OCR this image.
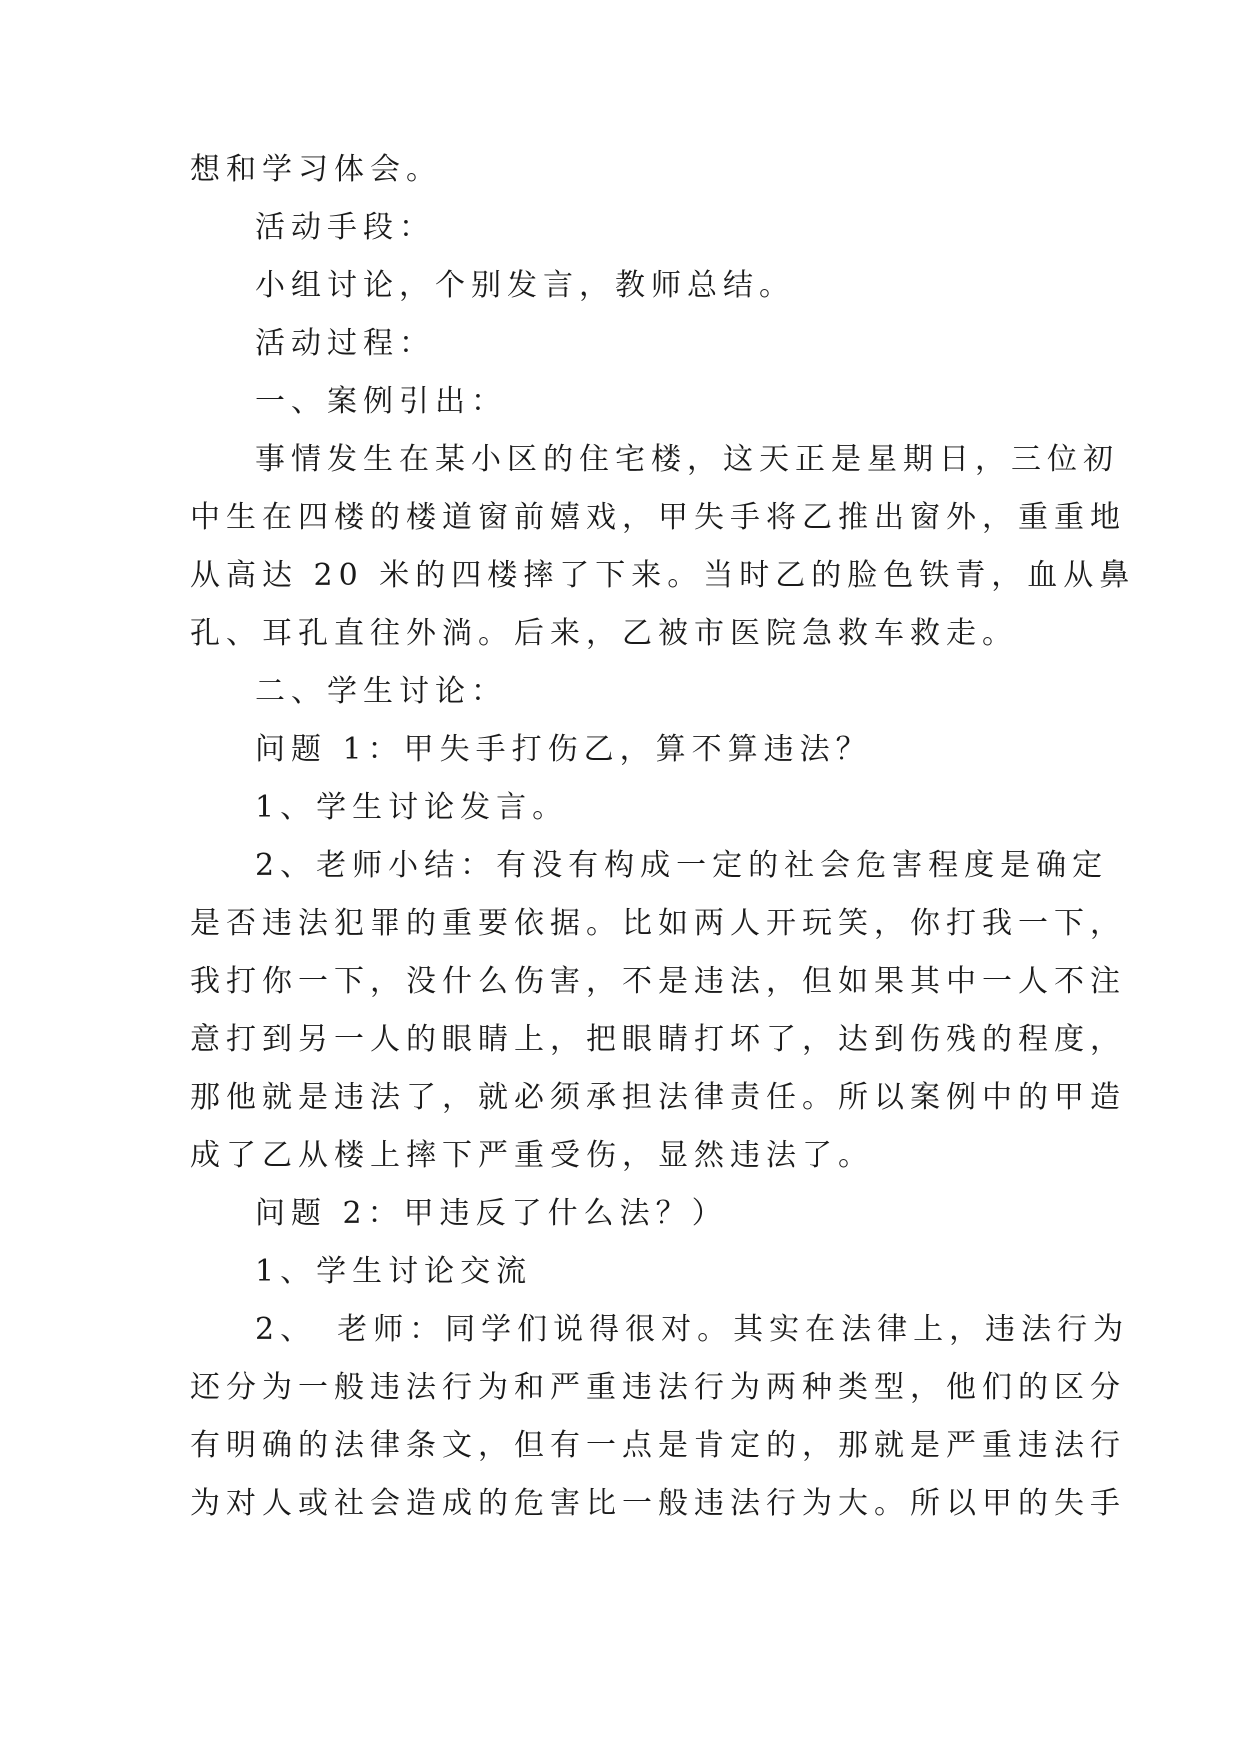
想和学习体会。
活动手段：
小组讨论，个别发言，教师总结。
活动过程：
一、案例引出：
事情发生在某小区的住宅楼，这天正是星期日，三位初
中生在四楼的楼道窗前嬉戏，甲失手将乙推出窗外，重重地
从高达 20 米的四楼摔了下来。当时乙的脸色铁青，血从鼻
孔、耳孔直往外淌。后来，乙被市医院急救车救走。
二、学生讨论：
问题 1：甲失手打伤乙，算不算违法？
1、学生讨论发言。
2、老师小结：有没有构成一定的社会危害程度是确定
是否违法犯罪的重要依据。比如两人开玩笑，你打我一下，
我打你一下，没什么伤害，不是违法，但如果其中一人不注
意打到另一人的眼睛上，把眼睛打坏了，达到伤残的程度，
那他就是违法了，就必须承担法律责任。所以案例中的甲造
成了乙从楼上摔下严重受伤，显然违法了。
问题 2：甲违反了什么法？）
1、学生讨论交流
2、　老师：同学们说得很对。其实在法律上，违法行为
还分为一般违法行为和严重违法行为两种类型，他们的区分
有明确的法律条文，但有一点是肯定的，那就是严重违法行
为对人或社会造成的危害比一般违法行为大。所以甲的失手
